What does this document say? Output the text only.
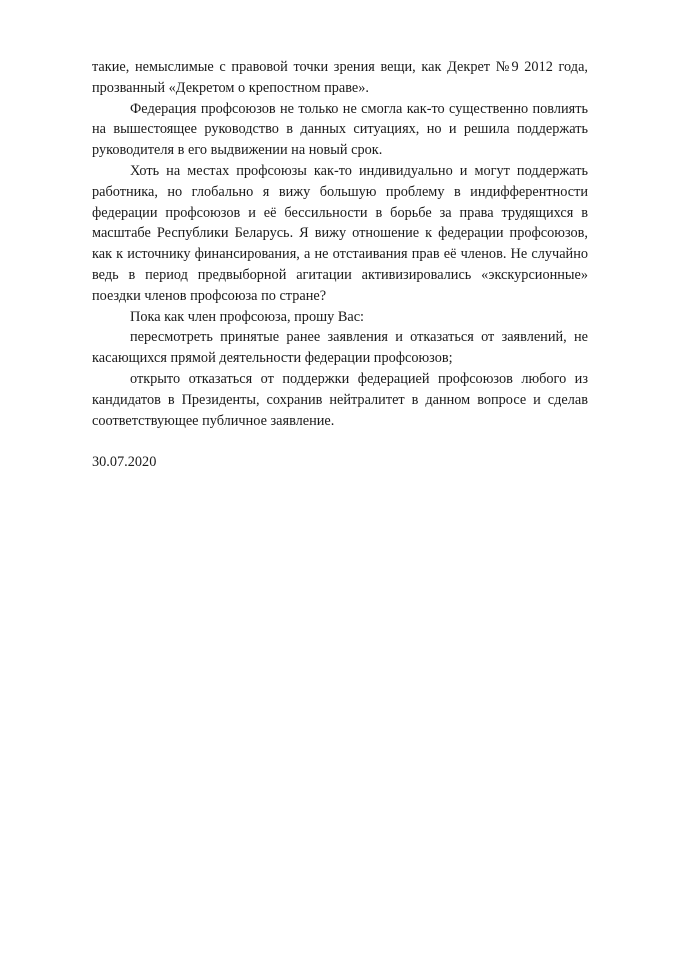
такие, немыслимые с правовой точки зрения вещи, как Декрет №9 2012 года, прозванный «Декретом о крепостном праве».

Федерация профсоюзов не только не смогла как-то существенно повлиять на вышестоящее руководство в данных ситуациях, но и решила поддержать руководителя в его выдвижении на новый срок.

Хоть на местах профсоюзы как-то индивидуально и могут поддержать работника, но глобально я вижу большую проблему в индифферентности федерации профсоюзов и её бессильности в борьбе за права трудящихся в масштабе Республики Беларусь. Я вижу отношение к федерации профсоюзов, как к источнику финансирования, а не отстаивания прав её членов. Не случайно ведь в период предвыборной агитации активизировались «экскурсионные» поездки членов профсоюза по стране?

Пока как член профсоюза, прошу Вас:

пересмотреть принятые ранее заявления и отказаться от заявлений, не касающихся прямой деятельности федерации профсоюзов;

открыто отказаться от поддержки федерацией профсоюзов любого из кандидатов в Президенты, сохранив нейтралитет в данном вопросе и сделав соответствующее публичное заявление.

30.07.2020
